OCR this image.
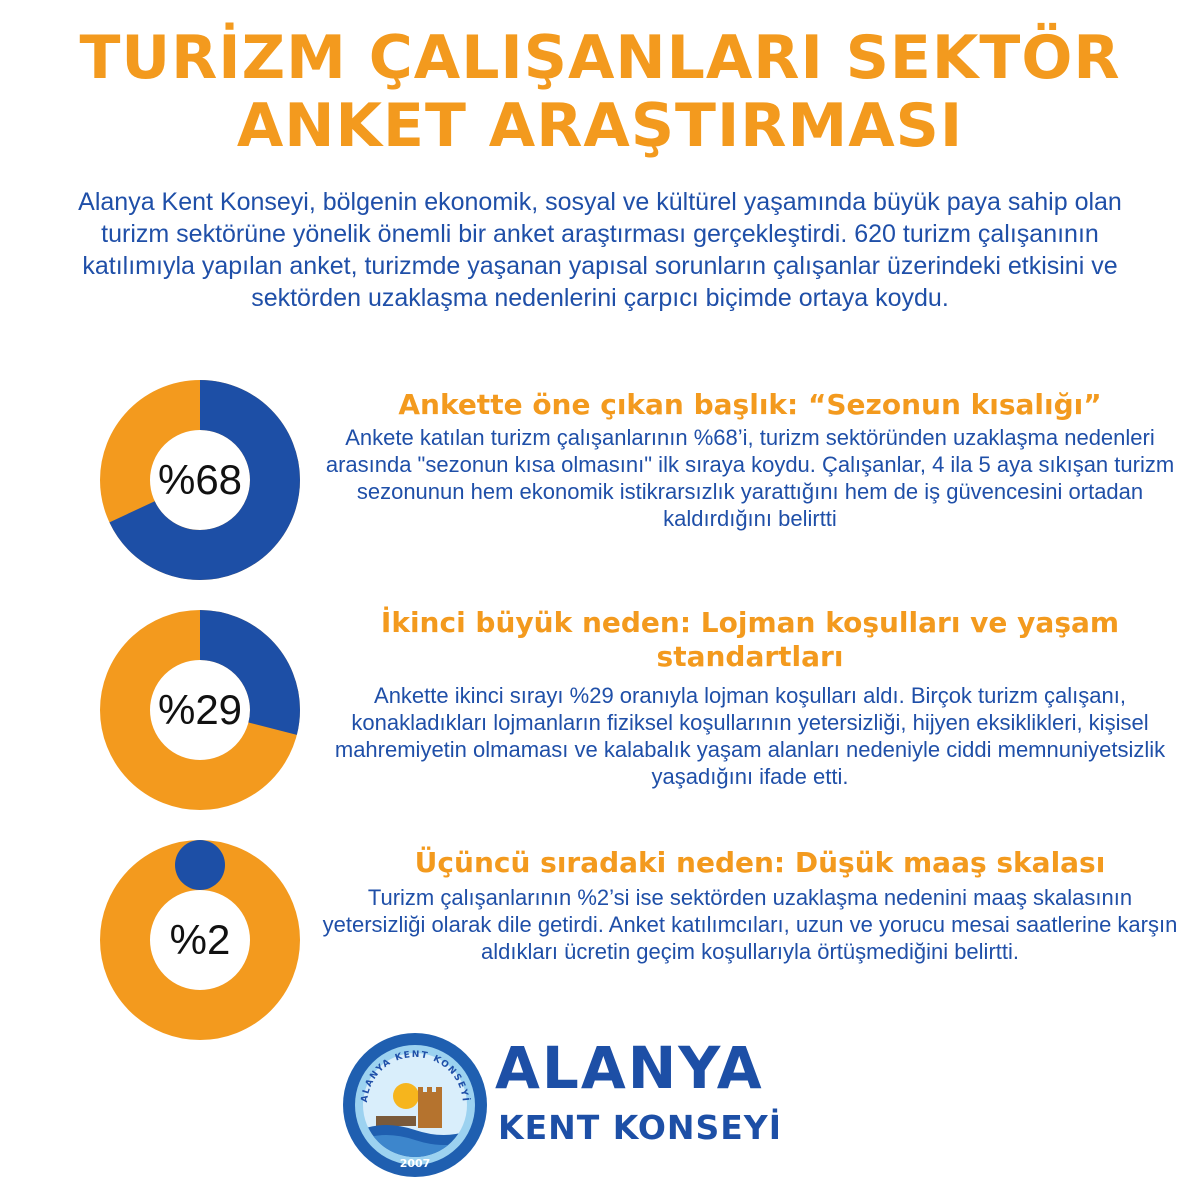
TURİZM ÇALIŞANLARI SEKTÖR
ANKET ARAŞTIRMASI

Alanya Kent Konseyi, bölgenin ekonomik, sosyal ve kültürel yaşamında büyük paya sahip olan turizm sektörüne yönelik önemli bir anket araştırması gerçekleştirdi. 620 turizm çalışanının katılımıyla yapılan anket, turizmde yaşanan yapısal sorunların çalışanlar üzerindeki etkisini ve sektörden uzaklaşma nedenlerini çarpıcı biçimde ortaya koydu.

%68
Ankette öne çıkan başlık: “Sezonun kısalığı”

Ankete katılan turizm çalışanlarının %68’i, turizm sektöründen uzaklaşma nedenleri arasında "sezonun kısa olmasını" ilk sıraya koydu. Çalışanlar, 4 ila 5 aya sıkışan turizm sezonunun hem ekonomik istikrarsızlık yarattığını hem de iş güvencesini ortadan kaldırdığını belirtti

%29
İkinci büyük neden: Lojman koşulları ve yaşam standartları

Ankette ikinci sırayı %29 oranıyla lojman koşulları aldı. Birçok turizm çalışanı, konakladıkları lojmanların fiziksel koşullarının yetersizliği, hijyen eksiklikleri, kişisel mahremiyetin olmaması ve kalabalık yaşam alanları nedeniyle ciddi memnuniyetsizlik yaşadığını ifade etti.

%2
Üçüncü sıradaki neden: Düşük maaş skalası

Turizm çalışanlarının %2’si ise sektörden uzaklaşma nedenini maaş skalasının yetersizliği olarak dile getirdi. Anket katılımcıları, uzun ve yorucu mesai saatlerine karşın aldıkları ücretin geçim koşullarıyla örtüşmediğini belirtti.

ALANYA KENT KONSEYİ
2007
ALANYA
KENT KONSEYİ
